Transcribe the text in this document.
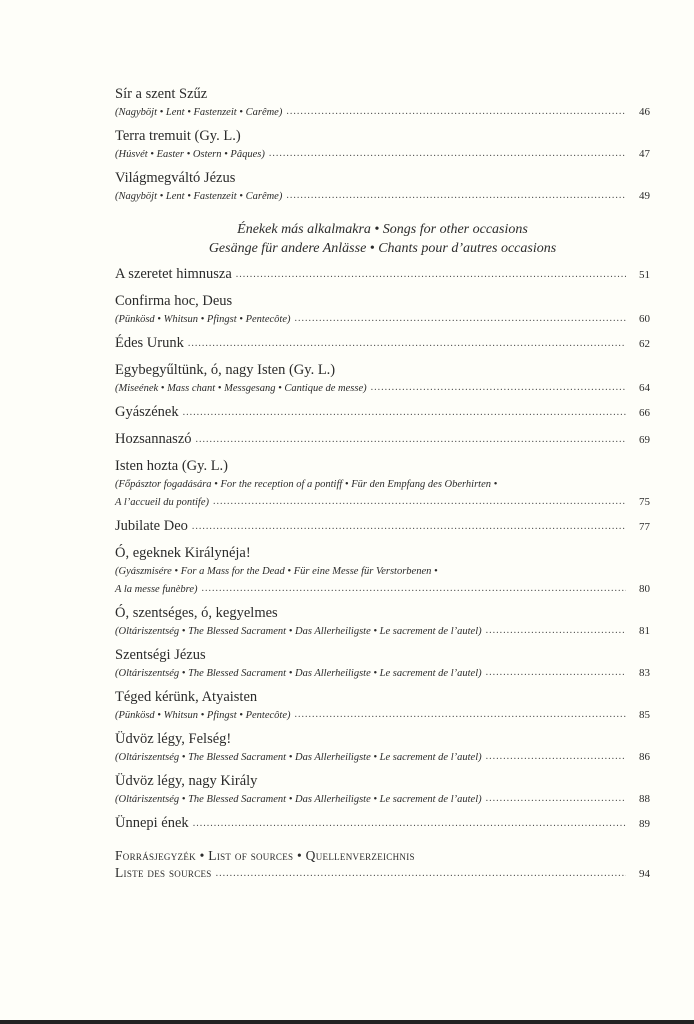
Sír a szent Szűz
(Nagyböjt • Lent • Fastenzeit • Carême) .....	46
Terra tremuit (Gy. L.)
(Húsvét • Easter • Ostern • Pâques) .....	47
Világmegváltó Jézus
(Nagyböjt • Lent • Fastenzeit • Carême) .....	49
Énekek más alkalmakra • Songs for other occasions
Gesänge für andere Anlässe • Chants pour d’autres occasions
A szeretet himnusza .....	51
Confirma hoc, Deus
(Pünkösd • Whitsun • Pfingst • Pentecôte) .....	60
Édes Urunk .....	62
Egybegyűltünk, ó, nagy Isten (Gy. L.)
(Miseének • Mass chant • Messgesang • Cantique de messe) .....	64
Gyászének .....	66
Hozsannaszó .....	69
Isten hozta (Gy. L.)
(Főpásztor fogadására • For the reception of a pontiff • Für den Empfang des Oberhirten •
A l’accueil du pontife) .....	75
Jubilate Deo .....	77
Ó, egeknek Királynéja!
(Gyászmisére • For a Mass for the Dead • Für eine Messe für Verstorbenen •
A la messe funèbre) .....	80
Ó, szentséges, ó, kegyelmes
(Oltáriszentség • The Blessed Sacrament • Das Allerheiligste • Le sacrement de l’autel) .....	81
Szentségi Jézus
(Oltáriszentség • The Blessed Sacrament • Das Allerheiligste • Le sacrement de l’autel) .....	83
Téged kérünk, Atyaisten
(Pünkösd • Whitsun • Pfingst • Pentecôte) .....	85
Üdvöz légy, Felség!
(Oltáriszentség • The Blessed Sacrament • Das Allerheiligste • Le sacrement de l’autel) .....	86
Üdvöz légy, nagy Király
(Oltáriszentség • The Blessed Sacrament • Das Allerheiligste • Le sacrement de l’autel) .....	88
Ünnepi ének .....	89
Forrásjegyzék • List of sources • Quellenverzeichnis
Liste des sources .....	94
